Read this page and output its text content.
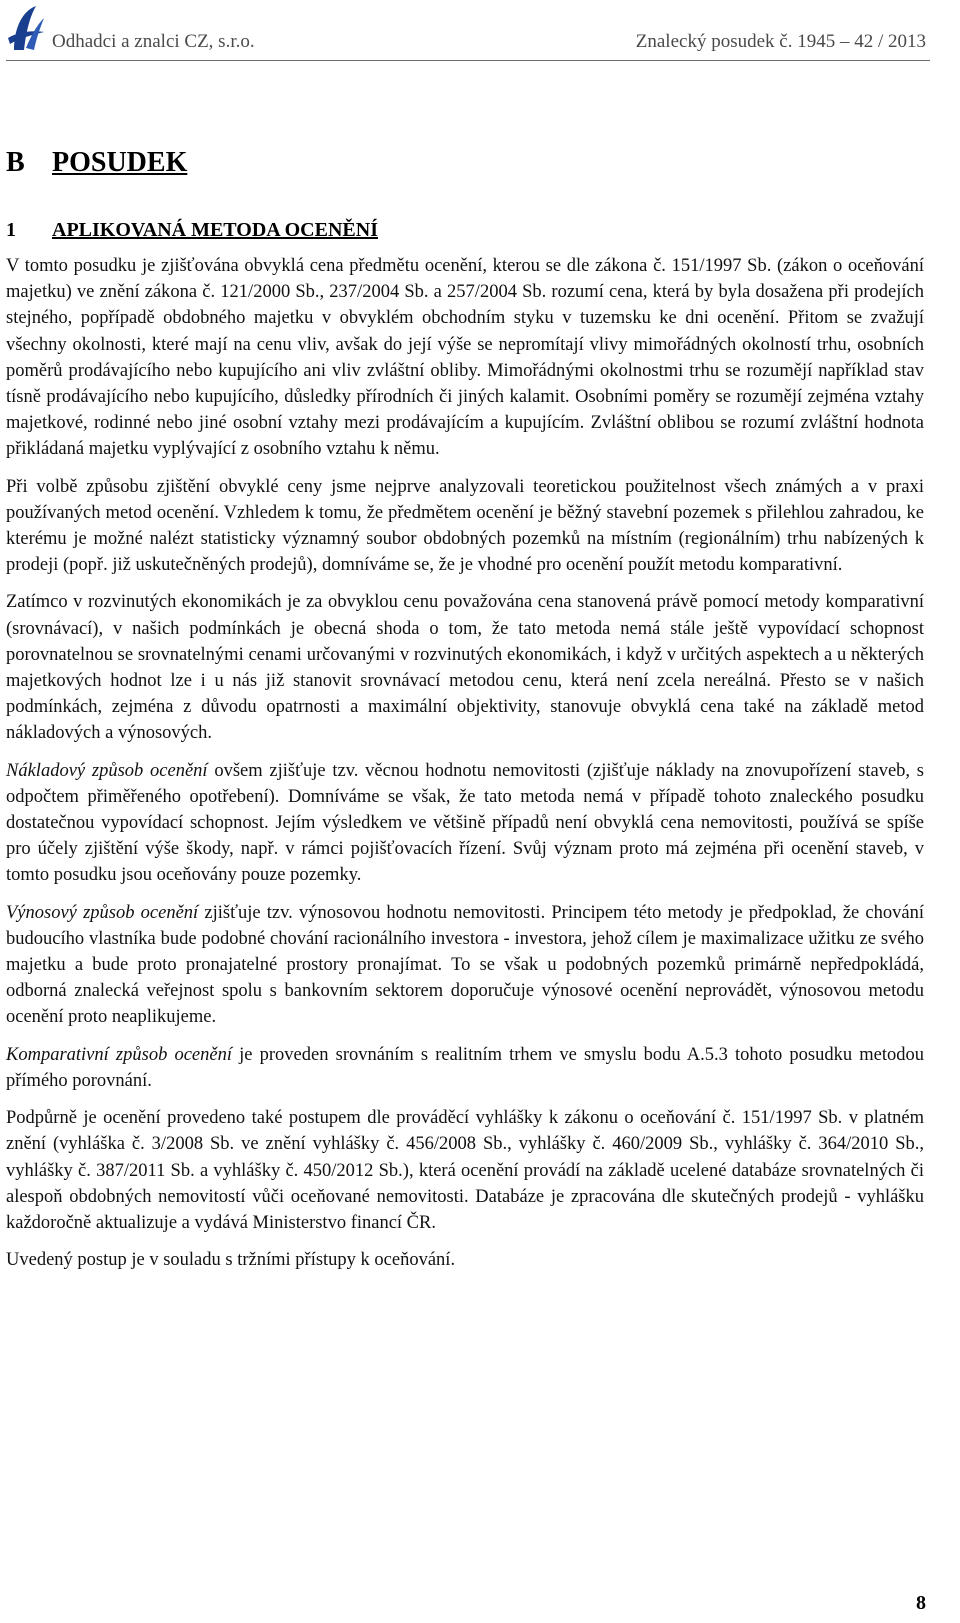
Odhadci a znalci CZ, s.r.o.	Znalecký posudek č. 1945 – 42 / 2013
B POSUDEK
1 APLIKOVANÁ METODA OCENĚNÍ

V tomto posudku je zjišťována obvyklá cena předmětu ocenění, kterou se dle zákona č. 151/1997 Sb. (zákon o oceňování majetku) ve znění zákona č. 121/2000 Sb., 237/2004 Sb. a 257/2004 Sb. rozumí cena, která by byla dosažena při prodejích stejného, popřípadě obdobného majetku v obvyklém obchodním styku v tuzemsku ke dni ocenění. Přitom se zvažují všechny okolnosti, které mají na cenu vliv, avšak do její výše se nepromítají vlivy mimořádných okolností trhu, osobních poměrů prodávajícího nebo kupujícího ani vliv zvláštní obliby. Mimořádnými okolnostmi trhu se rozumějí například stav tísně prodávajícího nebo kupujícího, důsledky přírodních či jiných kalamit. Osobními poměry se rozumějí zejména vztahy majetkové, rodinné nebo jiné osobní vztahy mezi prodávajícím a kupujícím. Zvláštní oblibou se rozumí zvláštní hodnota přikládaná majetku vyplývající z osobního vztahu k němu.

Při volbě způsobu zjištění obvyklé ceny jsme nejprve analyzovali teoretickou použitelnost všech známých a v praxi používaných metod ocenění. Vzhledem k tomu, že předmětem ocenění je běžný stavební pozemek s přilehlou zahradou, ke kterému je možné nalézt statisticky významný soubor obdobných pozemků na místním (regionálním) trhu nabízených k prodeji (popř. již uskutečněných prodejů), domníváme se, že je vhodné pro ocenění použít metodu komparativní.

Zatímco v rozvinutých ekonomikách je za obvyklou cenu považována cena stanovená právě pomocí metody komparativní (srovnávací), v našich podmínkách je obecná shoda o tom, že tato metoda nemá stále ještě vypovídací schopnost porovnatelnou se srovnatelnými cenami určovanými v rozvinutých ekonomikách, i když v určitých aspektech a u některých majetkových hodnot lze i u nás již stanovit srovnávací metodou cenu, která není zcela nereálná. Přesto se v našich podmínkách, zejména z důvodu opatrnosti a maximální objektivity, stanovuje obvyklá cena také na základě metod nákladových a výnosových.

Nákladový způsob ocenění ovšem zjišťuje tzv. věcnou hodnotu nemovitosti (zjišťuje náklady na znovupořízení staveb, s odpočtem přiměřeného opotřebení). Domníváme se však, že tato metoda nemá v případě tohoto znaleckého posudku dostatečnou vypovídací schopnost. Jejím výsledkem ve většině případů není obvyklá cena nemovitosti, používá se spíše pro účely zjištění výše škody, např. v rámci pojišťovacích řízení. Svůj význam proto má zejména při ocenění staveb, v tomto posudku jsou oceňovány pouze pozemky.

Výnosový způsob ocenění zjišťuje tzv. výnosovou hodnotu nemovitosti. Principem této metody je předpoklad, že chování budoucího vlastníka bude podobné chování racionálního investora - investora, jehož cílem je maximalizace užitku ze svého majetku a bude proto pronajatelné prostory pronajímat. To se však u podobných pozemků primárně nepředpokládá, odborná znalecká veřejnost spolu s bankovním sektorem doporučuje výnosové ocenění neprovádět, výnosovou metodu ocenění proto neaplikujeme.

Komparativní způsob ocenění je proveden srovnáním s realitním trhem ve smyslu bodu A.5.3 tohoto posudku metodou přímého porovnání.

Podpůrně je ocenění provedeno také postupem dle prováděcí vyhlášky k zákonu o oceňování č. 151/1997 Sb. v platném znění (vyhláška č. 3/2008 Sb. ve znění vyhlášky č. 456/2008 Sb., vyhlášky č. 460/2009 Sb., vyhlášky č. 364/2010 Sb., vyhlášky č. 387/2011 Sb. a vyhlášky č. 450/2012 Sb.), která ocenění provádí na základě ucelené databáze srovnatelných či alespoň obdobných nemovitostí vůči oceňované nemovitosti. Databáze je zpracována dle skutečných prodejů - vyhlášku každoročně aktualizuje a vydává Ministerstvo financí ČR.

Uvedený postup je v souladu s tržními přístupy k oceňování.

8
